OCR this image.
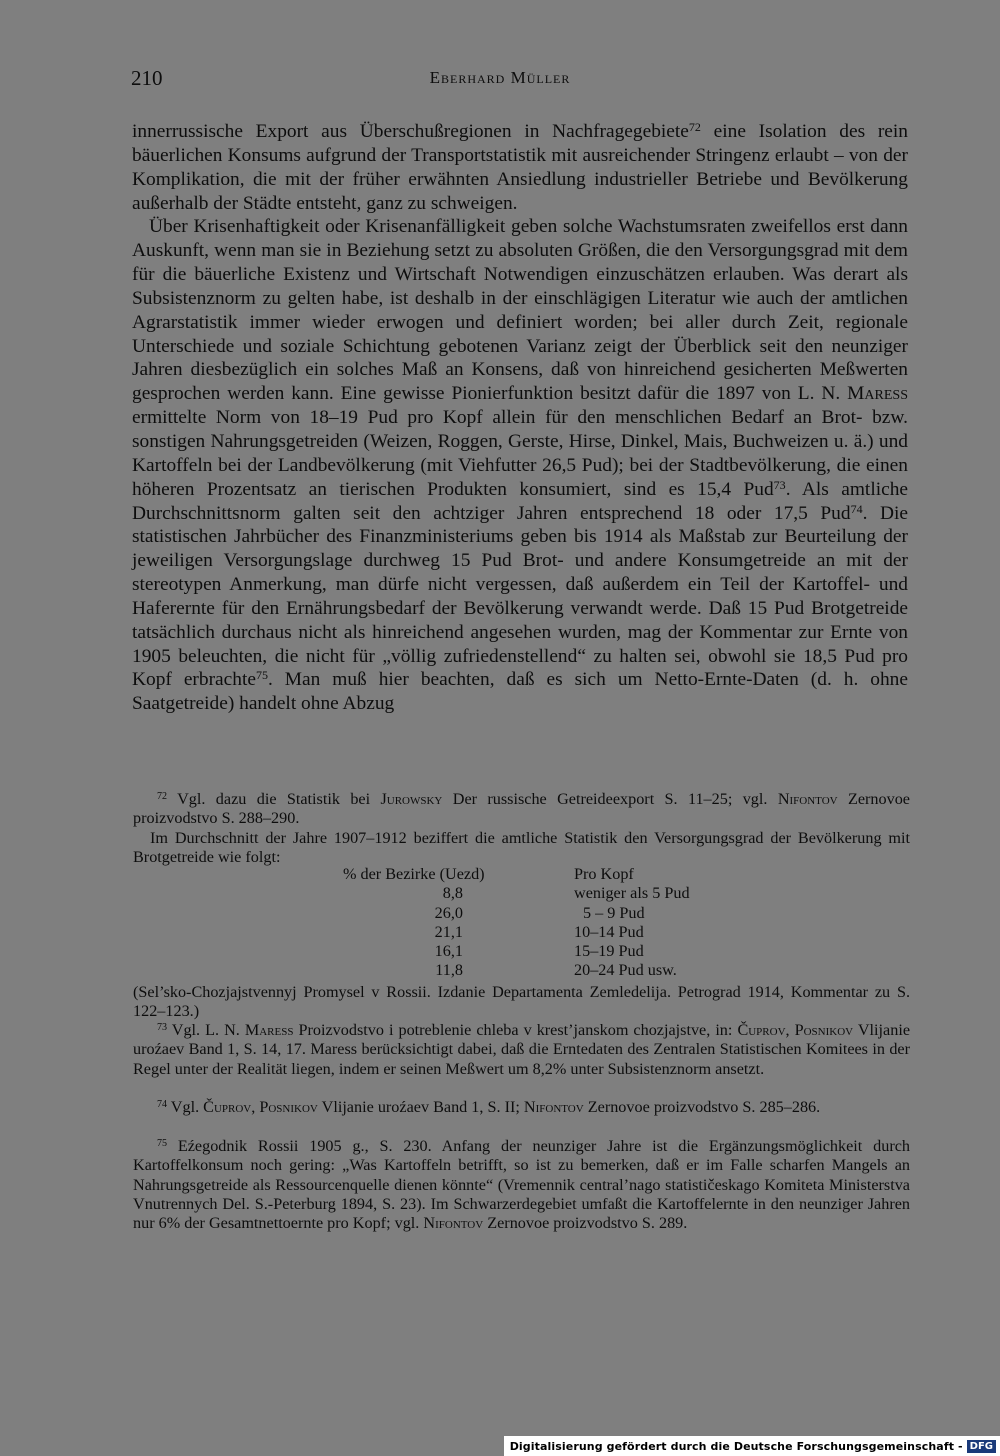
210	Eberhard Müller

innerrussische Export aus Überschußregionen in Nachfragegebiete$^{72}$ eine Isolation des rein bäuerlichen Konsums aufgrund der Transportstatistik mit ausreichender Stringenz erlaubt – von der Komplikation, die mit der früher erwähnten Ansiedlung industrieller Betriebe und Bevölkerung außerhalb der Städte entsteht, ganz zu schweigen.

Über Krisenhaftigkeit oder Krisenanfälligkeit geben solche Wachstumsraten zweifellos erst dann Auskunft, wenn man sie in Beziehung setzt zu absoluten Größen, die den Versorgungsgrad mit dem für die bäuerliche Existenz und Wirtschaft Notwendigen einzuschätzen erlauben. Was derart als Subsistenznorm zu gelten habe, ist deshalb in der einschlägigen Literatur wie auch der amtlichen Agrarstatistik immer wieder erwogen und definiert worden; bei aller durch Zeit, regionale Unterschiede und soziale Schichtung gebotenen Varianz zeigt der Überblick seit den neunziger Jahren diesbezüglich ein solches Maß an Konsens, daß von hinreichend gesicherten Meßwerten gesprochen werden kann. Eine gewisse Pionierfunktion besitzt dafür die 1897 von L. N. Maress ermittelte Norm von 18–19 Pud pro Kopf allein für den menschlichen Bedarf an Brot- bzw. sonstigen Nahrungsgetreiden (Weizen, Roggen, Gerste, Hirse, Dinkel, Mais, Buchweizen u. ä.) und Kartoffeln bei der Landbevölkerung (mit Viehfutter 26,5 Pud); bei der Stadtbevölkerung, die einen höheren Prozentsatz an tierischen Produkten konsumiert, sind es 15,4 Pud$^{73}$. Als amtliche Durchschnittsnorm galten seit den achtziger Jahren entsprechend 18 oder 17,5 Pud$^{74}$. Die statistischen Jahrbücher des Finanzministeriums geben bis 1914 als Maßstab zur Beurteilung der jeweiligen Versorgungslage durchweg 15 Pud Brot- und andere Konsumgetreide an mit der stereotypen Anmerkung, man dürfe nicht vergessen, daß außerdem ein Teil der Kartoffel- und Haferernte für den Ernährungsbedarf der Bevölkerung verwandt werde. Daß 15 Pud Brotgetreide tatsächlich durchaus nicht als hinreichend angesehen wurden, mag der Kommentar zur Ernte von 1905 beleuchten, die nicht für „völlig zufriedenstellend“ zu halten sei, obwohl sie 18,5 Pud pro Kopf erbrachte$^{75}$. Man muß hier beachten, daß es sich um Netto-Ernte-Daten (d. h. ohne Saatgetreide) handelt ohne Abzug

$^{72}$ Vgl. dazu die Statistik bei Jurowsky Der russische Getreideexport S. 11–25; vgl. Nifontov Zernovoe proizvodstvo S. 288–290.

Im Durchschnitt der Jahre 1907–1912 beziffert die amtliche Statistik den Versorgungsgrad der Bevölkerung mit Brotgetreide wie folgt:

% der Bezirke (Uezd)	Pro Kopf
8,8	weniger als 5 Pud
26,0	5 – 9 Pud
21,1	10–14 Pud
16,1	15–19 Pud
11,8	20–24 Pud usw.

(Sel’sko-Chozjajstvennyj Promysel v Rossii. Izdanie Departamenta Zemledelija. Petrograd 1914, Kommentar zu S. 122–123.)

$^{73}$ Vgl. L. N. Maress Proizvodstvo i potreblenie chleba v krest’janskom chozjajstve, in: Čuprov, Posnikov Vlijanie uroźaev Band 1, S. 14, 17. Maress berücksichtigt dabei, daß die Erntedaten des Zentralen Statistischen Komitees in der Regel unter der Realität liegen, indem er seinen Meßwert um 8,2% unter Subsistenznorm ansetzt.

$^{74}$ Vgl. Čuprov, Posnikov Vlijanie uroźaev Band 1, S. II; Nifontov Zernovoe proizvodstvo S. 285–286.

$^{75}$ Eźegodnik Rossii 1905 g., S. 230. Anfang der neunziger Jahre ist die Ergänzungsmöglichkeit durch Kartoffelkonsum noch gering: „Was Kartoffeln betrifft, so ist zu bemerken, daß er im Falle scharfen Mangels an Nahrungsgetreide als Ressourcenquelle dienen könnte“ (Vremennik central’nago statističeskago Komiteta Ministerstva Vnutrennych Del. S.-Peterburg 1894, S. 23). Im Schwarzerdegebiet umfaßt die Kartoffelernte in den neunziger Jahren nur 6% der Gesamtnettoernte pro Kopf; vgl. Nifontov Zernovoe proizvodstvo S. 289.

Digitalisierung gefördert durch die Deutsche Forschungsgemeinschaft - DFG
